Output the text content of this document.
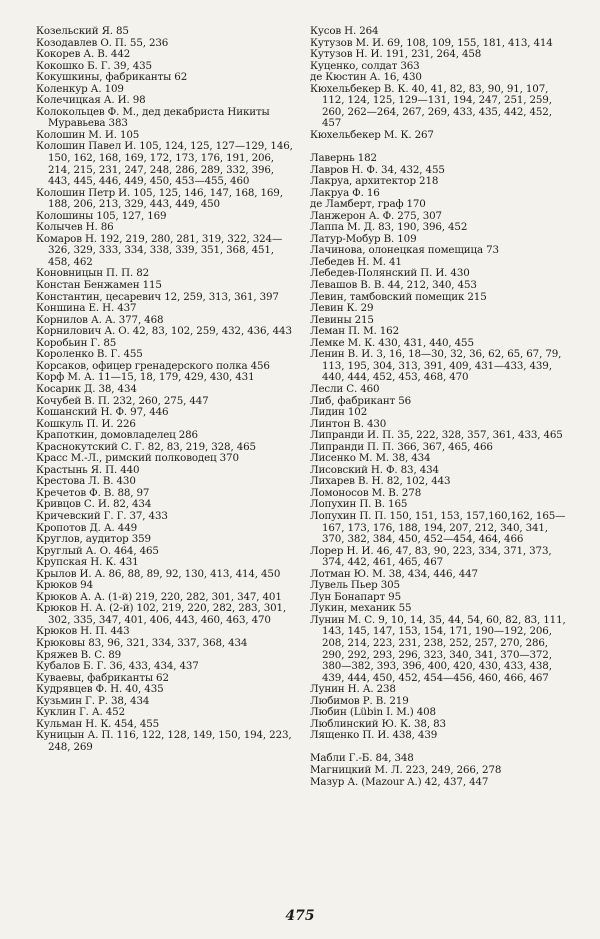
Козельский Я. 85
Козодавлев О. П. 55, 236
Кокорев А. В. 442
Кокошко Б. Г. 39, 435
Кокушкины, фабриканты 62
Коленкур А. 109
Колечицкая А. И. 98
Колокольцев Ф. М., дед декабриста Никиты Муравьева 383
Колошин М. И. 105
Колошин Павел И. 105, 124, 125, 127—129, 146, 150, 162, 168, 169, 172, 173, 176, 191, 206, 214, 215, 231, 247, 248, 286, 289, 332, 396, 443, 445, 446, 449, 450, 453—455, 460
Колошин Петр И. 105, 125, 146, 147, 168, 169, 188, 206, 213, 329, 443, 449, 450
Колошины 105, 127, 169
Колычев Н. 86
Комаров Н. 192, 219, 280, 281, 319, 322, 324—326, 329, 333, 334, 338, 339, 351, 368, 451, 458, 462
Коновницын П. П. 82
Констан Бенжамен 115
Константин, цесаревич 12, 259, 313, 361, 397
Коншина Е. Н. 437
Корнилов А. А. 377, 468
Корнилович А. О. 42, 83, 102, 259, 432, 436, 443
Коробьин Г. 85
Короленко В. Г. 455
Корсаков, офицер гренадерского полка 456
Корф М. А. 11—15, 18, 179, 429, 430, 431
Косарик Д. 38, 434
Кочубей В. П. 232, 260, 275, 447
Кошанский Н. Ф. 97, 446
Кошкуль П. И. 226
Крапоткин, домовладелец 286
Краснокутский С. Г. 82, 83, 219, 328, 465
Красс М.-Л., римский полководец 370
Крастынь Я. П. 440
Крестова Л. В. 430
Кречетов Ф. В. 88, 97
Кривцов С. И. 82, 434
Кричевский Г. Г. 37, 433
Кропотов Д. А. 449
Круглов, аудитор 359
Круглый А. О. 464, 465
Крупская Н. К. 431
Крылов И. А. 86, 88, 89, 92, 130, 413, 414, 450
Крюков 94
Крюков А. А. (1-й) 219, 220, 282, 301, 347, 401
Крюков Н. А. (2-й) 102, 219, 220, 282, 283, 301, 302, 335, 347, 401, 406, 443, 460, 463, 470
Крюков Н. П. 443
Крюковы 83, 96, 321, 334, 337, 368, 434
Кряжев В. С. 89
Кубалов Б. Г. 36, 433, 434, 437
Куваевы, фабриканты 62
Кудрявцев Ф. Н. 40, 435
Кузьмин Г. Р. 38, 434
Куклин Г. А. 452
Кульман Н. К. 454, 455
Куницын А. П. 116, 122, 128, 149, 150, 194, 223, 248, 269
Кусов Н. 264
Кутузов М. И. 69, 108, 109, 155, 181, 413, 414
Кутузов Н. И. 191, 231, 264, 458
Куценко, солдат 363
де Кюстин А. 16, 430
Кюхельбекер В. К. 40, 41, 82, 83, 90, 91, 107, 112, 124, 125, 129—131, 194, 247, 251, 259, 260, 262—264, 267, 269, 433, 435, 442, 452, 457
Кюхельбекер М. К. 267
Лавернь 182
Лавров Н. Ф. 34, 432, 455
Лакруа, архитектор 218
Лакруа Ф. 16
де Ламберт, граф 170
Ланжерон А. Ф. 275, 307
Лаппа М. Д. 83, 190, 396, 452
Латур-Мобур В. 109
Лачинова, олонецкая помещица 73
Лебедев Н. М. 41
Лебедев-Полянский П. И. 430
Левашов В. В. 44, 212, 340, 453
Левин, тамбовский помещик 215
Левин К. 29
Левины 215
Леман П. М. 162
Лемке М. К. 430, 431, 440, 455
Ленин В. И. 3, 16, 18—30, 32, 36, 62, 65, 67, 79, 113, 195, 304, 313, 391, 409, 431—433, 439, 440, 444, 452, 453, 468, 470
Лесли С. 460
Либ, фабрикант 56
Лидин 102
Линтон В. 430
Липранди И. П. 35, 222, 328, 357, 361, 433, 465
Липранди П. П. 366, 367, 465, 466
Лисенко М. М. 38, 434
Лисовский Н. Ф. 83, 434
Лихарев В. Н. 82, 102, 443
Ломоносов М. В. 278
Лопухин П. В. 165
Лопухин П. П. 150, 151, 153, 157,160,162, 165—167, 173, 176, 188, 194, 207, 212, 340, 341, 370, 382, 384, 450, 452—454, 464, 466
Лорер Н. И. 46, 47, 83, 90, 223, 334, 371, 373, 374, 442, 461, 465, 467
Лотман Ю. М. 38, 434, 446, 447
Лувель Пьер 305
Лун Бонапарт 95
Лукин, механик 55
Лунин М. С. 9, 10, 14, 35, 44, 54, 60, 82, 83, 111, 143, 145, 147, 153, 154, 171, 190—192, 206, 208, 214, 223, 231, 238, 252, 257, 270, 286, 290, 292, 293, 296, 323, 340, 341, 370—372, 380—382, 393, 396, 400, 420, 430, 433, 438, 439, 444, 450, 452, 454—456, 460, 466, 467
Лунин Н. А. 238
Любимов Р. В. 219
Любин (Lübin I. M.) 408
Люблинский Ю. К. 38, 83
Лященко П. И. 438, 439
Мабли Г.-Б. 84, 348
Магницкий М. Л. 223, 249, 266, 278
Мазур А. (Mazour A.) 42, 437, 447
475
